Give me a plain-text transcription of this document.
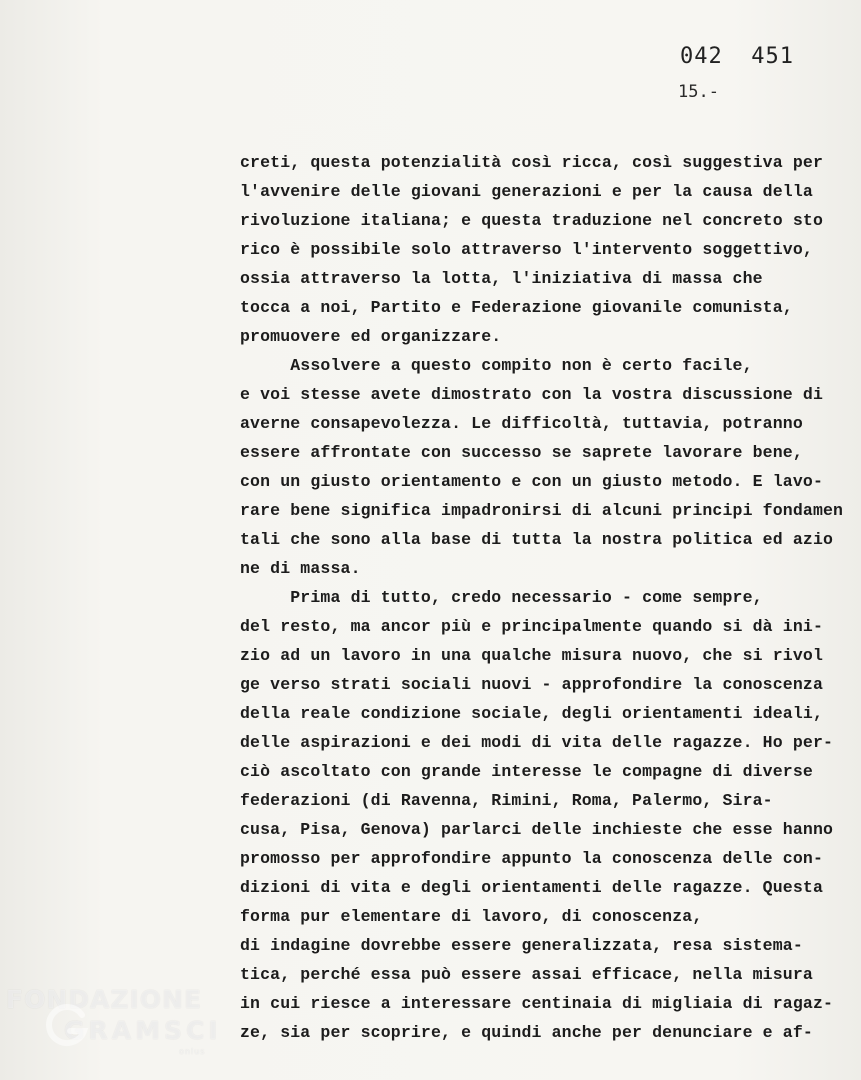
042  451
15.-
creti, questa potenzialità così ricca, così suggestiva per
l'avvenire delle giovani generazioni e per la causa della
rivoluzione italiana; e questa traduzione nel concreto sto
rico è possibile solo attraverso l'intervento soggettivo,
ossia attraverso la lotta, l'iniziativa di massa che
tocca a noi, Partito e Federazione giovanile comunista,
promuovere ed organizzare.
Assolvere a questo compito non è certo facile,
e voi stesse avete dimostrato con la vostra discussione di
averne consapevolezza. Le difficoltà, tuttavia, potranno
essere affrontate con successo se saprete lavorare bene,
con un giusto orientamento e con un giusto metodo. E lavo-
rare bene significa impadronirsi di alcuni principi fondamen
tali che sono alla base di tutta la nostra politica ed azio
ne di massa.
Prima di tutto, credo necessario - come sempre,
del resto, ma ancor più e principalmente quando si dà ini-
zio ad un lavoro in una qualche misura nuovo, che si rivol
ge verso strati sociali nuovi - approfondire la conoscenza
della reale condizione sociale, degli orientamenti ideali,
delle aspirazioni e dei modi di vita delle ragazze. Ho per-
ciò ascoltato con grande interesse le compagne di diverse
federazioni (di Ravenna, Rimini, Roma, Palermo, Sira-
cusa, Pisa, Genova) parlarci delle inchieste che esse hanno
promosso per approfondire appunto la conoscenza delle con-
dizioni di vita e degli orientamenti delle ragazze. Questa
forma pur elementare di lavoro, di conoscenza,
di indagine dovrebbe essere generalizzata, resa sistema-
tica, perché essa può essere assai efficace, nella misura
in cui riesce a interessare centinaia di migliaia di ragaz-
ze, sia per scoprire, e quindi anche per denunciare e af-
FONDAZIONE
GRAMSCI
onlus
